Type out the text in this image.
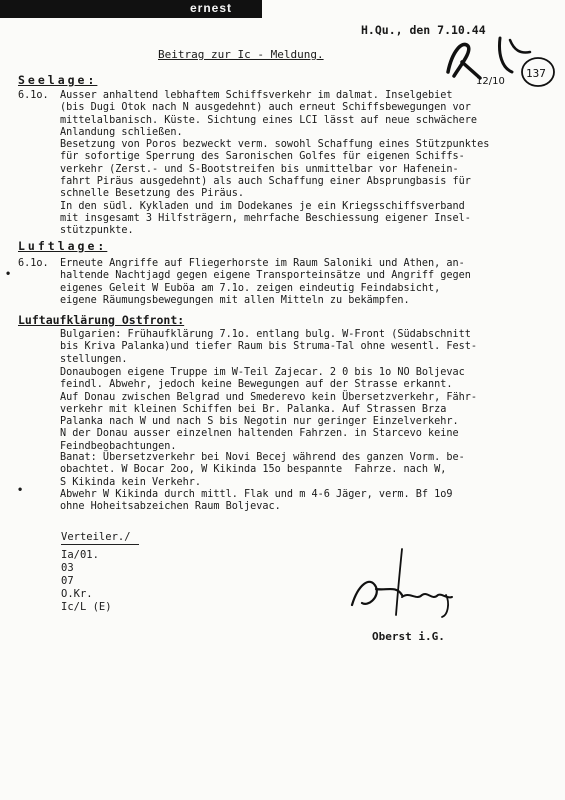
ernest
H.Qu., den 7.10.44
Beitrag zur Ic - Meldung.
137
12/10
Seelage:
6.1o. Ausser anhaltend lebhaftem Schiffsverkehr im dalmat. Inselgebiet
(bis Dugi Otok nach N ausgedehnt) auch erneut Schiffsbewegungen vor
mittelalbanisch. Küste. Sichtung eines LCI lässt auf neue schwächere
Anlandung schließen.
Besetzung von Poros bezweckt verm. sowohl Schaffung eines Stützpunktes
für sofortige Sperrung des Saronischen Golfes für eigenen Schiffs-
verkehr (Zerst.- und S-Bootstreifen bis unmittelbar vor Hafenein-
fahrt Piräus ausgedehnt) als auch Schaffung einer Absprungbasis für
schnelle Besetzung des Piräus.
In den südl. Kykladen und im Dodekanes je ein Kriegsschiffsverband
mit insgesamt 3 Hilfsträgern, mehrfache Beschiessung eigener Insel-
stützpunkte.
Luftlage:
6.1o. Erneute Angriffe auf Fliegerhorste im Raum Saloniki und Athen, an-
haltende Nachtjagd gegen eigene Transporteinsätze und Angriff gegen
eigenes Geleit W Euböa am 7.1o. zeigen eindeutig Feindabsicht,
eigene Räumungsbewegungen mit allen Mitteln zu bekämpfen.
•
Luftaufklärung Ostfront:
Bulgarien: Frühaufklärung 7.1o. entlang bulg. W-Front (Südabschnitt
bis Kriva Palanka)und tiefer Raum bis Struma-Tal ohne wesentl. Fest-
stellungen.
Donaubogen eigene Truppe im W-Teil Zajecar. 2 0 bis 1o NO Boljevac
feindl. Abwehr, jedoch keine Bewegungen auf der Strasse erkannt.
Auf Donau zwischen Belgrad und Smederevo kein Übersetzverkehr, Fähr-
verkehr mit kleinen Schiffen bei Br. Palanka. Auf Strassen Brza
Palanka nach W und nach S bis Negotin nur geringer Einzelverkehr.
N der Donau ausser einzelnen haltenden Fahrzen. in Starcevo keine
Feindbeobachtungen.
Banat: Übersetzverkehr bei Novi Becej während des ganzen Vorm. be-
obachtet. W Bocar 2oo, W Kikinda 15o bespannte  Fahrze. nach W,
S Kikinda kein Verkehr.
Abwehr W Kikinda durch mittl. Flak und m 4-6 Jäger, verm. Bf 1o9
ohne Hoheitsabzeichen Raum Boljevac.
•
Verteiler./
Ia/01.
03
07
O.Kr.
Ic/L (E)
Oberst i.G.
